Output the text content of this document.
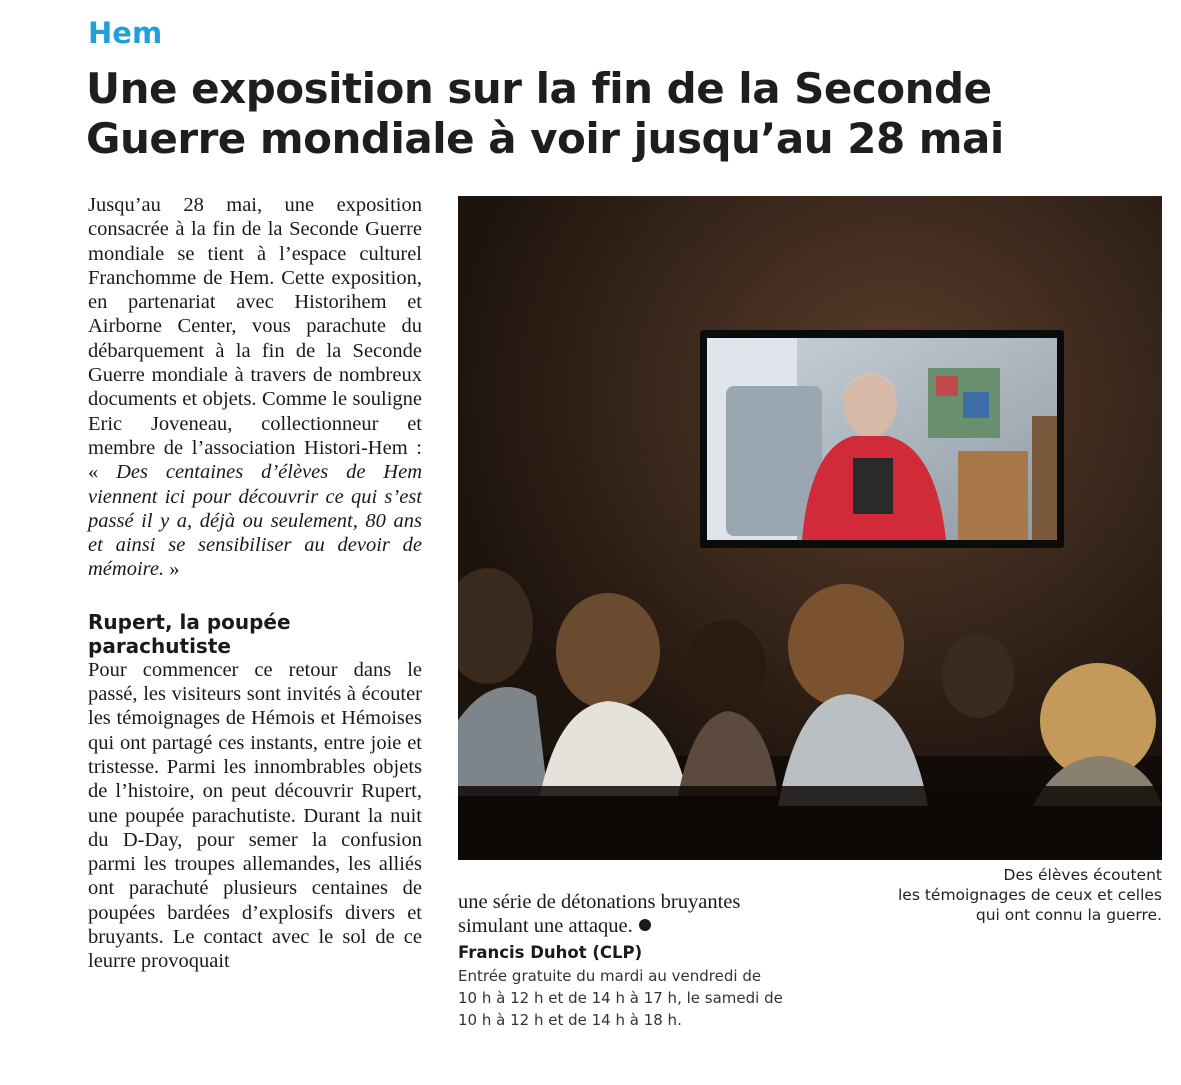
Hem
Une exposition sur la fin de la Seconde Guerre mondiale à voir jusqu’au 28 mai

Jusqu’au 28 mai, une exposition consacrée à la fin de la Seconde Guerre mondiale se tient à l’espace culturel Franchomme de Hem. Cette exposition, en partenariat avec Historihem et Airborne Center, vous parachute du débarquement à la fin de la Seconde Guerre mondiale à travers de nombreux documents et objets. Comme le souligne Eric Joveneau, collectionneur et membre de l’association Histori-Hem : « Des centaines d’élèves de Hem viennent ici pour découvrir ce qui s’est passé il y a, déjà ou seulement, 80 ans et ainsi se sensibiliser au devoir de mémoire. »

Rupert, la poupée parachutiste

Pour commencer ce retour dans le passé, les visiteurs sont invités à écouter les témoignages de Hémois et Hémoises qui ont partagé ces instants, entre joie et tristesse. Parmi les innombrables objets de l’histoire, on peut découvrir Rupert, une poupée parachutiste. Durant la nuit du D-Day, pour semer la confusion parmi les troupes allemandes, les alliés ont parachuté plusieurs centaines de poupées bardées d’explosifs divers et bruyants. Le contact avec le sol de ce leurre provoquait

Des élèves écoutent
les témoignages de ceux et celles
qui ont connu la guerre.

une série de détonations bruyantes simulant une attaque.

Francis Duhot (CLP)

Entrée gratuite du mardi au vendredi de
10 h à 12 h et de 14 h à 17 h, le samedi de
10 h à 12 h et de 14 h à 18 h.
